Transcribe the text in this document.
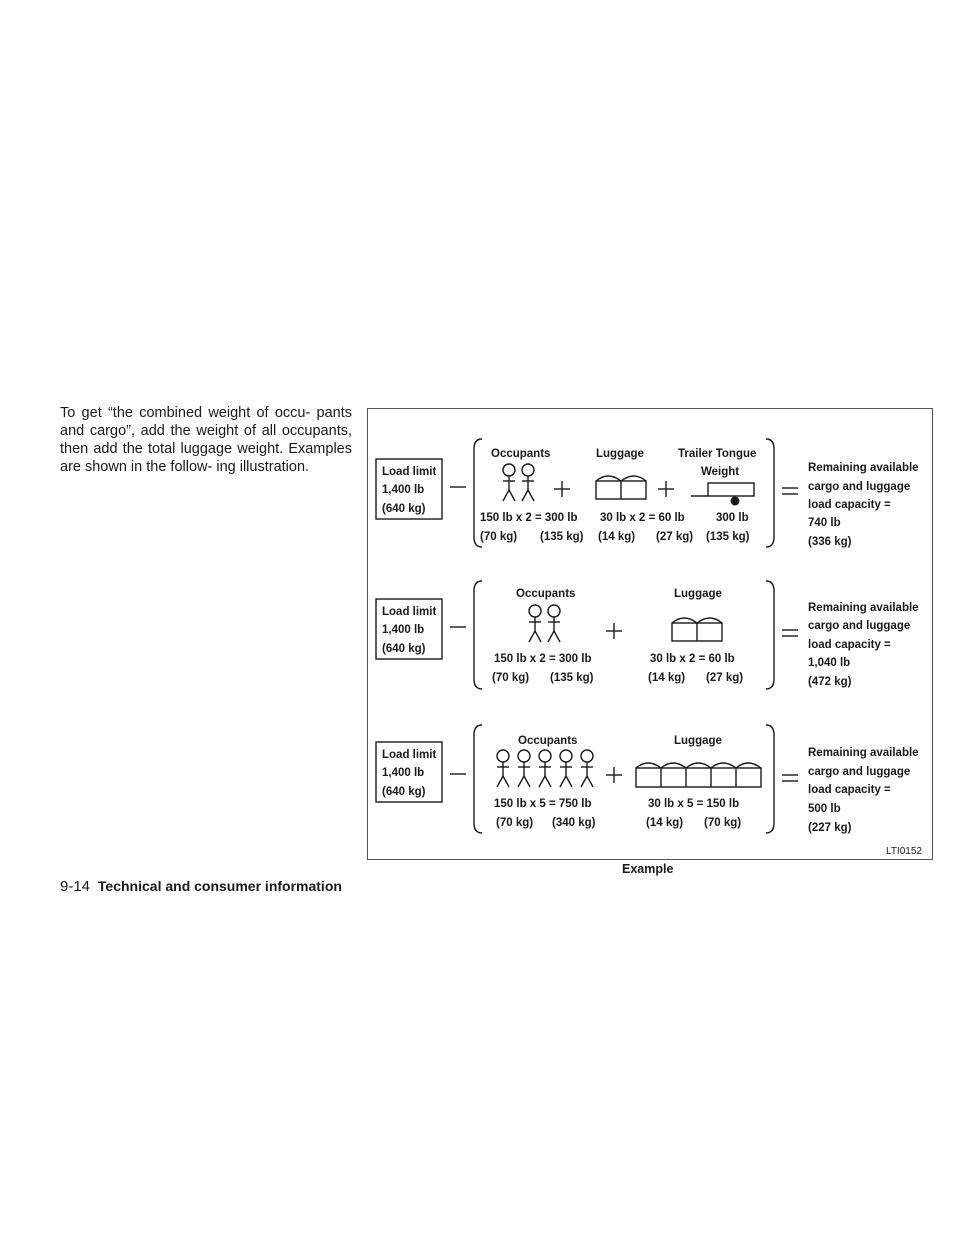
To get “the combined weight of occu- pants and cargo”, add the weight of all occupants, then add the total luggage weight. Examples are shown in the follow- ing illustration.	Load limit
1,400 lb
(640 kg)
Occupants	Luggage	Trailer Tongue
Weight
150 lb x 2 = 300 lb
(70 kg) (135 kg)
30 lb x 2 = 60 lb
(14 kg) (27 kg)
300 lb
(135 kg)
Remaining available
cargo and luggage
load capacity =
740 lb
(336 kg)
Load limit
1,400 lb
(640 kg)
Occupants	Luggage
150 lb x 2 = 300 lb
(70 kg) (135 kg)
30 lb x 2 = 60 lb
(14 kg) (27 kg)
Remaining available
cargo and luggage
load capacity =
1,040 lb
(472 kg)
Load limit
1,400 lb
(640 kg)
Occupants	Luggage
150 lb x 5 = 750 lb
(70 kg) (340 kg)
30 lb x 5 = 150 lb
(14 kg) (70 kg)
Remaining available
cargo and luggage
load capacity =
500 lb
(227 kg)
LTI0152
Example
9-14 Technical and consumer information
